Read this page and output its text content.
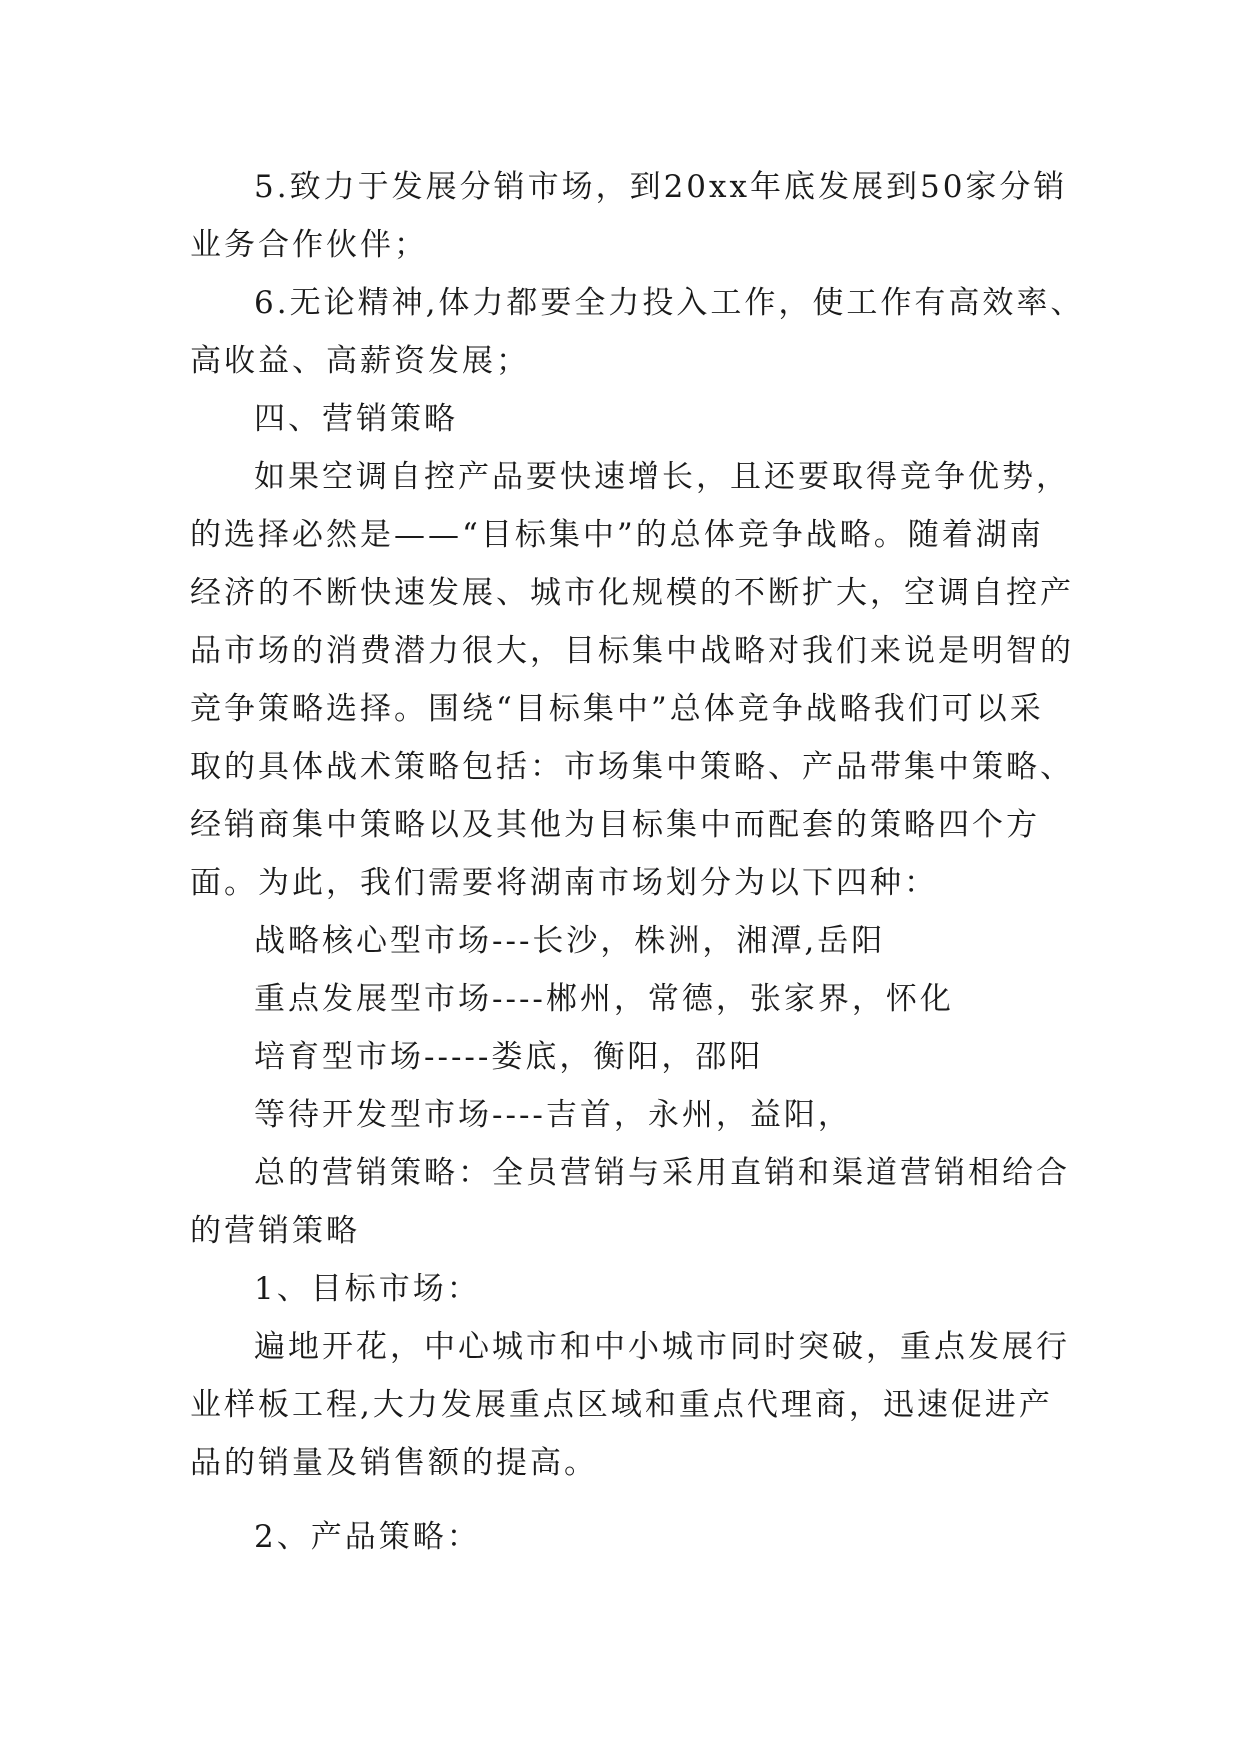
5.致力于发展分销市场，到20xx年底发展到50家分销
业务合作伙伴；
6.无论精神,体力都要全力投入工作，使工作有高效率、
高收益、高薪资发展；
四、营销策略
如果空调自控产品要快速增长，且还要取得竞争优势，
的选择必然是——“目标集中”的总体竞争战略。随着湖南
经济的不断快速发展、城市化规模的不断扩大，空调自控产
品市场的消费潜力很大，目标集中战略对我们来说是明智的
竞争策略选择。围绕“目标集中”总体竞争战略我们可以采
取的具体战术策略包括：市场集中策略、产品带集中策略、
经销商集中策略以及其他为目标集中而配套的策略四个方
面。为此，我们需要将湖南市场划分为以下四种：
战略核心型市场---长沙，株洲，湘潭,岳阳
重点发展型市场----郴州，常德，张家界，怀化
培育型市场-----娄底，衡阳，邵阳
等待开发型市场----吉首，永州，益阳，
总的营销策略：全员营销与采用直销和渠道营销相给合
的营销策略
1、目标市场：
遍地开花，中心城市和中小城市同时突破，重点发展行
业样板工程,大力发展重点区域和重点代理商，迅速促进产
品的销量及销售额的提高。
2、产品策略：
